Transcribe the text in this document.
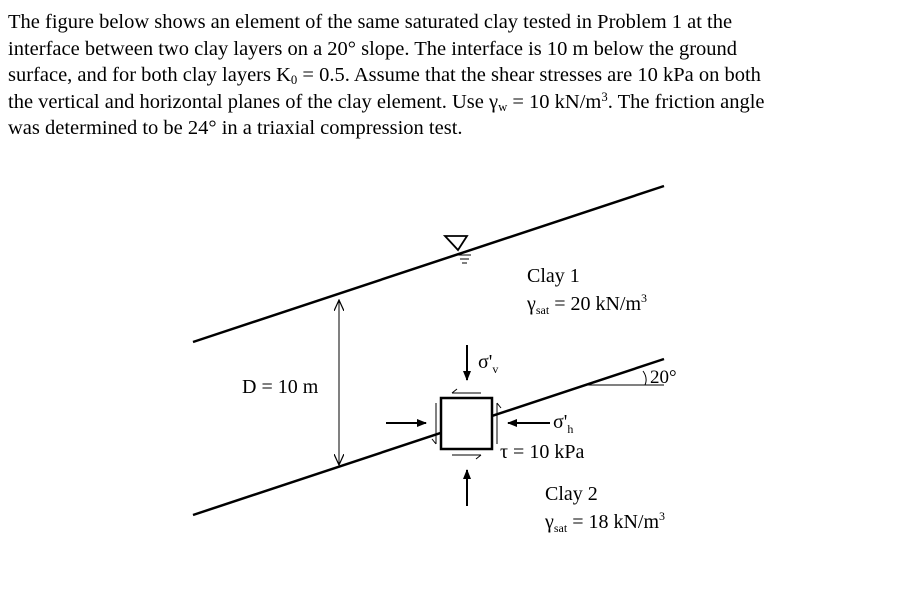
The figure below shows an element of the same saturated clay tested in Problem 1 at the

interface between two clay layers on a 20° slope. The interface is 10 m below the ground

surface, and for both clay layers $K_0 = 0.5$. Assume that the shear stresses are 10 kPa on both

the vertical and horizontal planes of the clay element. Use $\gamma_w = 10$ $kN/m^3$. The friction angle

was determined to be 24° in a triaxial compression test.

20°
D = 10 m
Clay 1
$\gamma_{sat} = 20$ $kN/m^3$
Clay 2
$\gamma_{sat} = 18$ $kN/m^3$
$\sigma'_v$
$\sigma'_h$
τ = 10 kPa
